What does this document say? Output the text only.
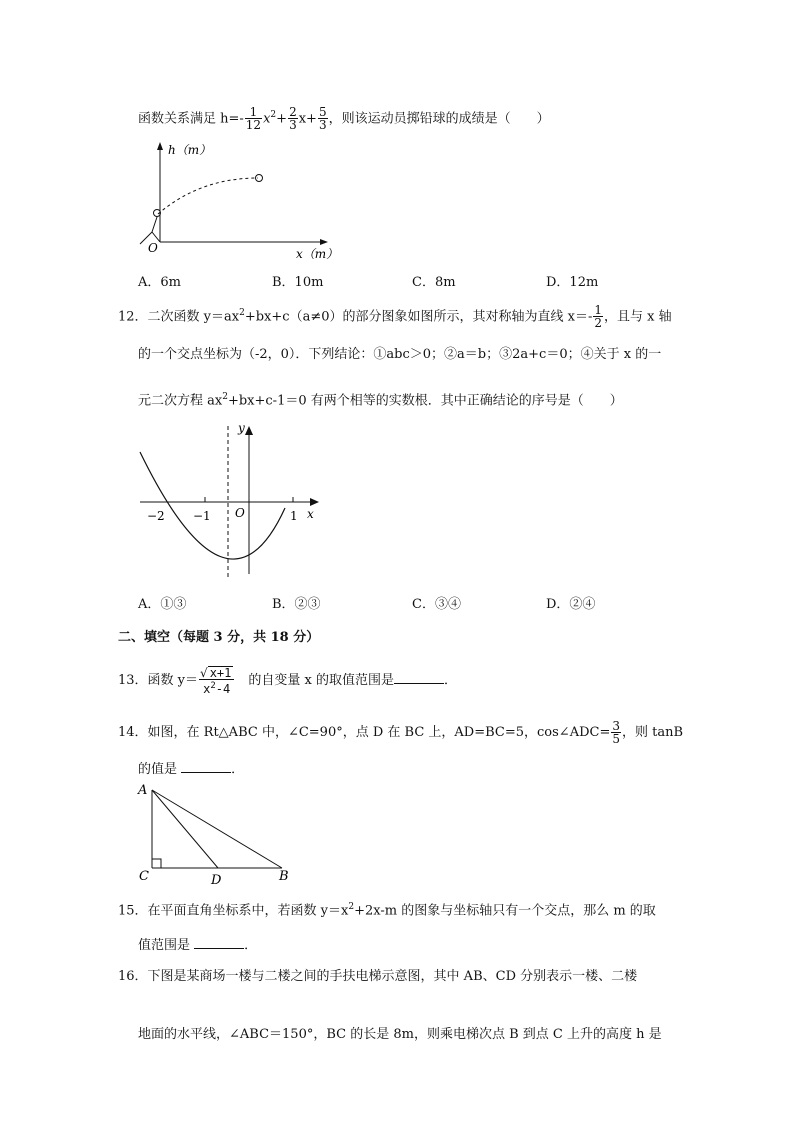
函数关系满足 $h=- \frac{1}{12} x^2+ \frac{2}{3} x+ \frac{5}{3}$ ，则该运动员掷铅球的成绩是（　　）
h（m）
x（m）
O
A．6m	B．10m	C．8m	D．12m
12．二次函数 $y=ax^2+bx+c(a\ne 0)$的部分图象如图所示，其对称轴为直线 $x=- \frac{1}{2}$ ，且与 x 轴
的一个交点坐标为（-2，0）．下列结论：①abc＞0；②a＝b；③2a+c＝0；④关于 x 的一
元二次方程 $ax^2+bx+c-1=0$ 有两个相等的实数根．其中正确结论的序号是（　　）
−2 −1 O	1 x
y
A．①③	B．②③	C．③④	D．②④
二、填空（每题 3 分，共 18 分）
13．函数 $y= \frac{√ x+1}{x^2-4}$ 的自变量 x 的取值范围是	．
14．如图，在 Rt△ABC 中，∠C=90°，点 D 在 BC 上，AD=BC=5，cos∠ADC= $\frac{3}{5}$ ，则 tanB
的值是	．
A
C	D	B
15．在平面直角坐标系中，若函数 $y=x^2+2x-m$ 的图象与坐标轴只有一个交点，那么 m 的取
值范围是	．
16．下图是某商场一楼与二楼之间的手扶电梯示意图，其中 AB、CD 分别表示一楼、二楼
地面的水平线，∠ABC＝150°，BC 的长是 8m，则乘电梯次点 B 到点 C 上升的高度 h 是
